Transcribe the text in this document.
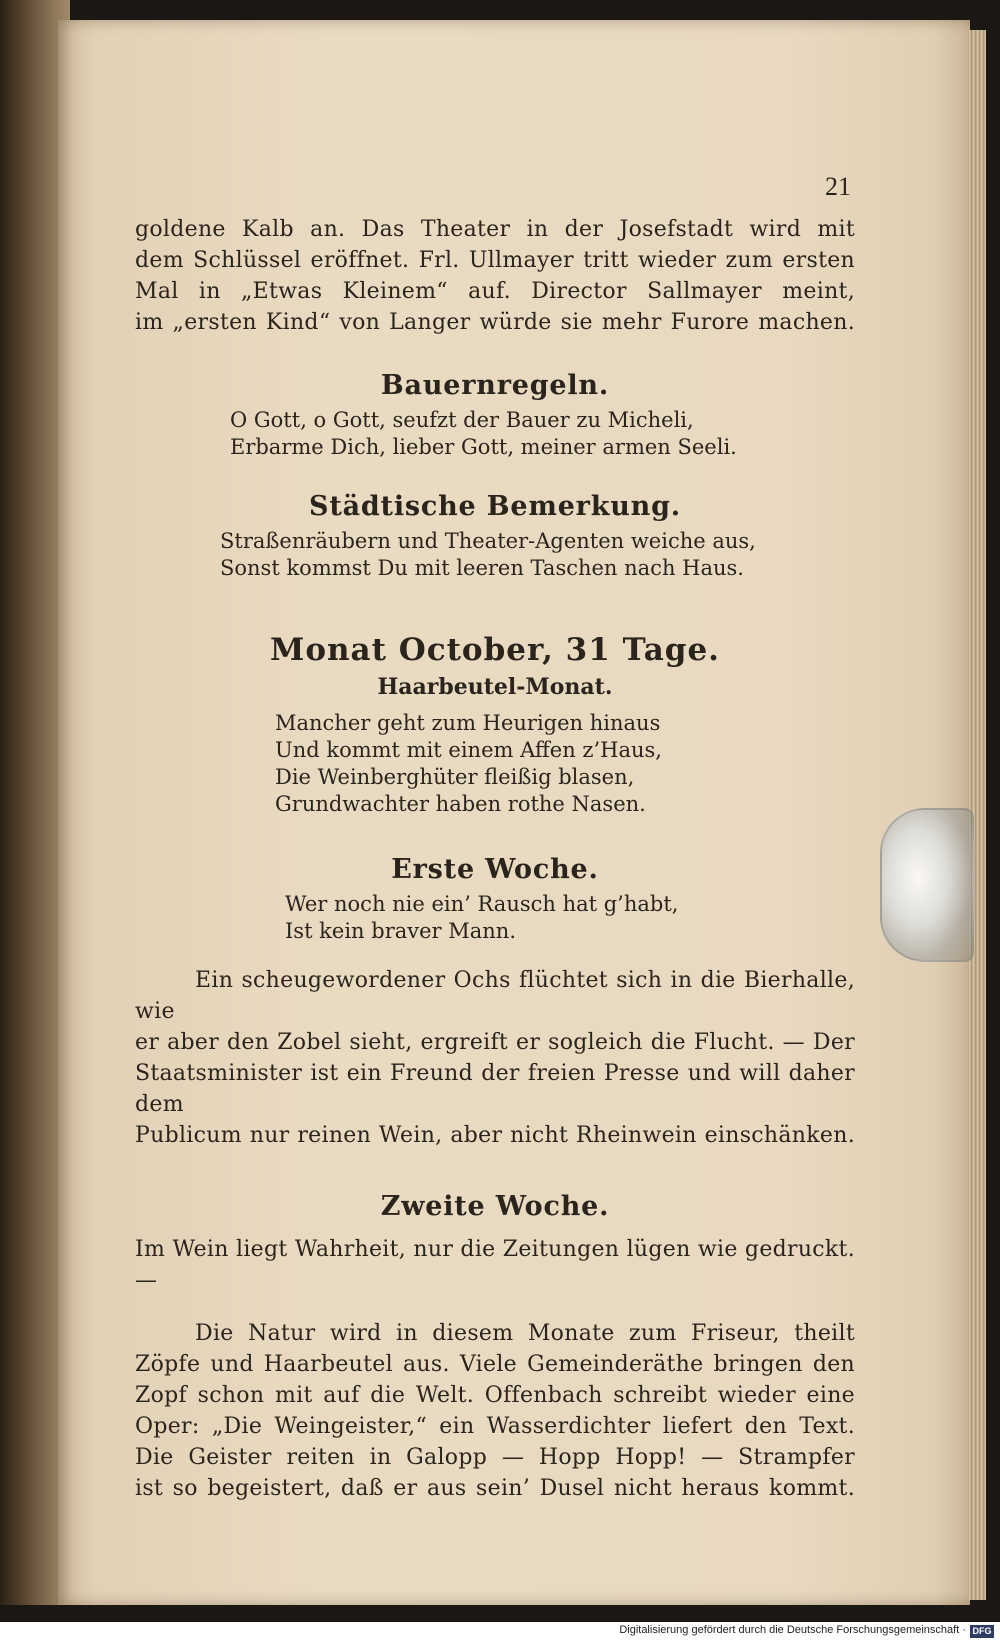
21

goldene Kalb an. Das Theater in der Josefstadt wird mit

dem Schlüssel eröffnet. Frl. Ullmayer tritt wieder zum ersten

Mal in „Etwas Kleinem“ auf. Director Sallmayer meint,

im „ersten Kind“ von Langer würde sie mehr Furore machen.

Bauernregeln.

O Gott, o Gott, seufzt der Bauer zu Micheli,

Erbarme Dich, lieber Gott, meiner armen Seeli.

Städtische Bemerkung.

Straßenräubern und Theater-Agenten weiche aus,

Sonst kommst Du mit leeren Taschen nach Haus.

Monat October, 31 Tage.

Haarbeutel-Monat.

Mancher geht zum Heurigen hinaus

Und kommt mit einem Affen z’Haus,

Die Weinberghüter fleißig blasen,

Grundwachter haben rothe Nasen.

Erste Woche.

Wer noch nie ein’ Rausch hat g’habt,

Ist kein braver Mann.

Ein scheugewordener Ochs flüchtet sich in die Bierhalle, wie

er aber den Zobel sieht, ergreift er sogleich die Flucht. — Der

Staatsminister ist ein Freund der freien Presse und will daher dem

Publicum nur reinen Wein, aber nicht Rheinwein einschänken.

Zweite Woche.

Im Wein liegt Wahrheit, nur die Zeitungen lügen wie gedruckt. —

Die Natur wird in diesem Monate zum Friseur, theilt

Zöpfe und Haarbeutel aus. Viele Gemeinderäthe bringen den

Zopf schon mit auf die Welt. Offenbach schreibt wieder eine

Oper: „Die Weingeister,“ ein Wasserdichter liefert den Text.

Die Geister reiten in Galopp — Hopp Hopp! — Strampfer

ist so begeistert, daß er aus sein’ Dusel nicht heraus kommt.

Digitalisierung gefördert durch die Deutsche Forschungsgemeinschaft · DFG
